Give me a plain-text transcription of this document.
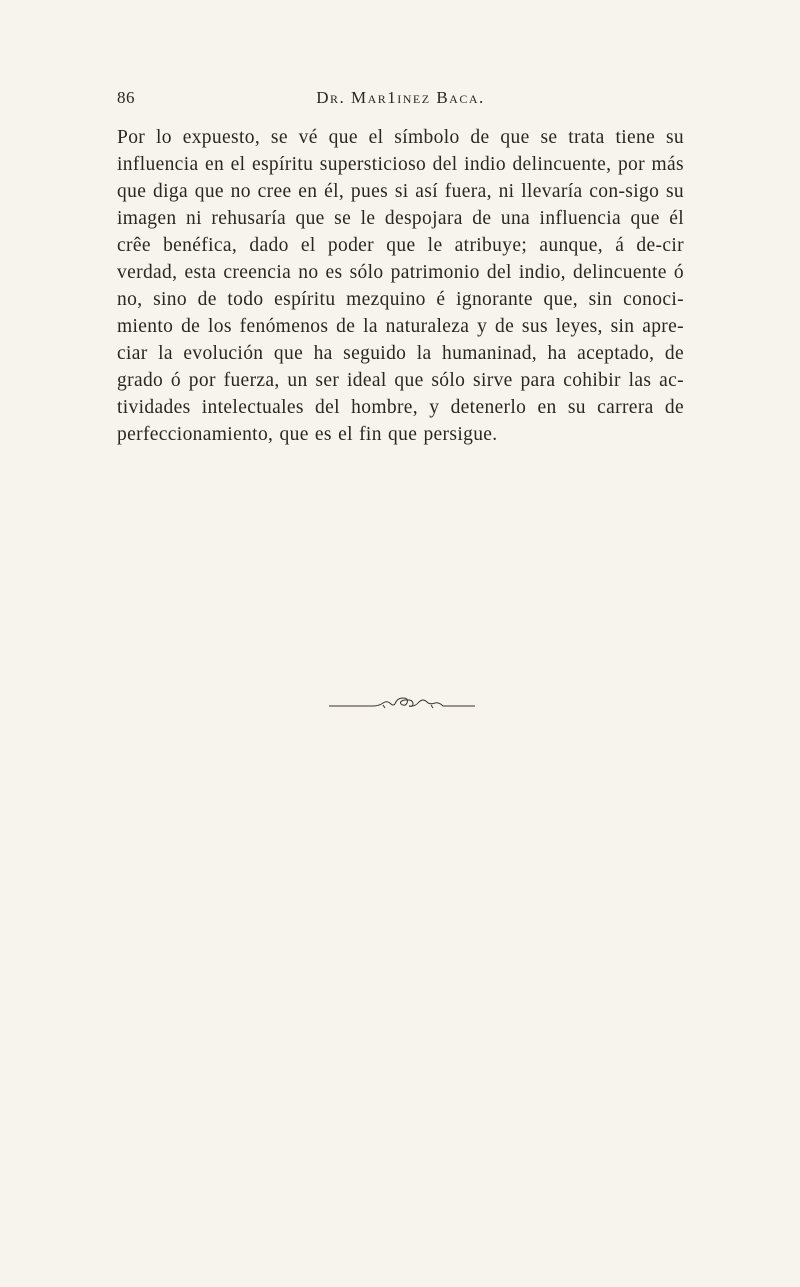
86	Dr. Mar1inez Baca.

Por lo expuesto, se vé que el símbolo de que se trata tiene su influencia en el espíritu supersticioso del indio delincuente, por más que diga que no cree en él, pues si así fuera, ni llevaría con-sigo su imagen ni rehusaría que se le despojara de una influencia que él crêe benéfica, dado el poder que le atribuye; aunque, á de-cir verdad, esta creencia no es sólo patrimonio del indio, delincuente ó no, sino de todo espíritu mezquino é ignorante que, sin conoci-miento de los fenómenos de la naturaleza y de sus leyes, sin apre-ciar la evolución que ha seguido la humaninad, ha aceptado, de grado ó por fuerza, un ser ideal que sólo sirve para cohibir las ac-tividades intelectuales del hombre, y detenerlo en su carrera de perfeccionamiento, que es el fin que persigue.
